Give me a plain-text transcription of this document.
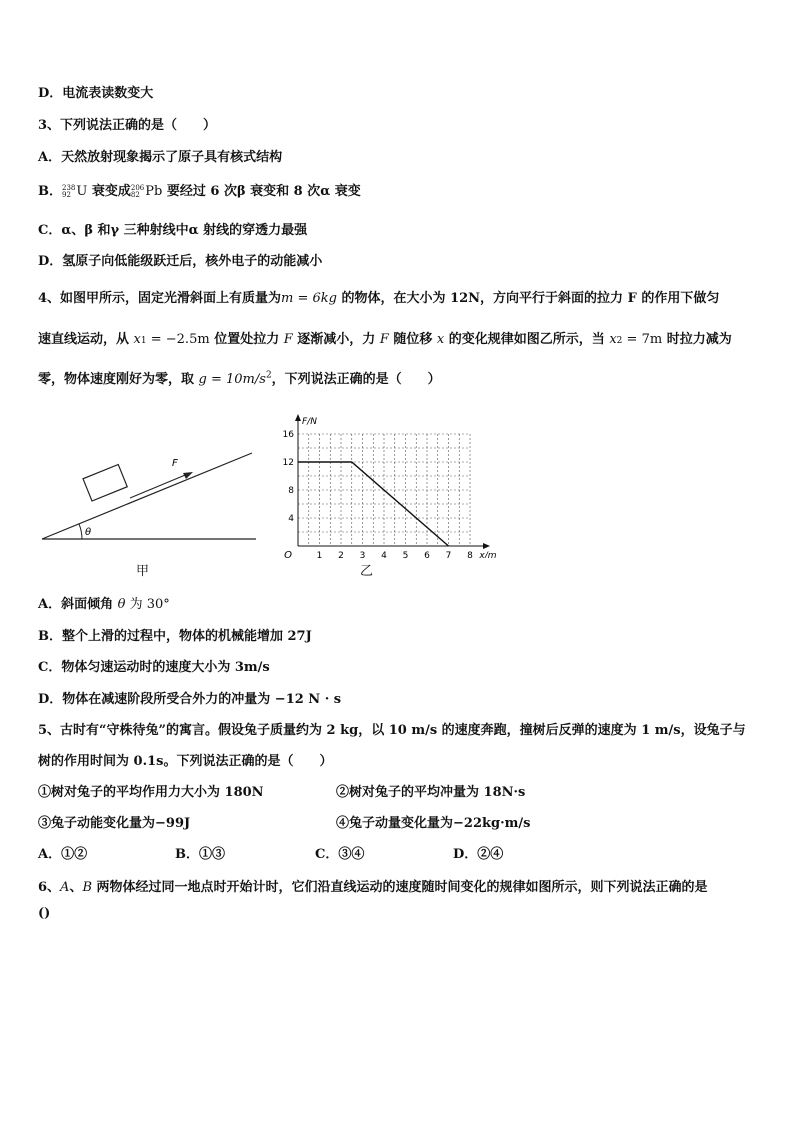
D．电流表读数变大
3、下列说法正确的是（　　）
A．天然放射现象揭示了原子具有核式结构
B． 238
92 U 衰变成 206
82 Pb 要经过 6 次β 衰变和 8 次α 衰变
C．α、β 和γ 三种射线中α 射线的穿透力最强
D．氢原子向低能级跃迁后，核外电子的动能减小
4、如图甲所示，固定光滑斜面上有质量为m = 6kg 的物体，在大小为 12N，方向平行于斜面的拉力 F 的作用下做匀
速直线运动，从 x1 = −2.5m 位置处拉力 F 逐渐减小，力 F 随位移 x 的变化规律如图乙所示，当 x2 = 7m 时拉力减为
零，物体速度刚好为零，取 $g = 10m/s^2$，下列说法正确的是（　　）
F
θ
甲
1 2 3 4 5 6 7 8
4
8
12
16
O	x/m
F/N
乙
A．斜面倾角 θ 为 30°
B．整个上滑的过程中，物体的机械能增加 27J
C．物体匀速运动时的速度大小为 3m/s
D．物体在减速阶段所受合外力的冲量为 −12 N · s
5、古时有“守株待兔”的寓言。假设兔子质量约为 2 kg，以 10 m/s 的速度奔跑，撞树后反弹的速度为 1 m/s，设兔子与
树的作用时间为 0.1s。下列说法正确的是（　　）
①树对兔子的平均作用力大小为 180N	②树对兔子的平均冲量为 18N·s
③兔子动能变化量为−99J	④兔子动量变化量为−22kg·m/s
A．①②	B．①③	C．③④	D．②④
6、A、B 两物体经过同一地点时开始计时，它们沿直线运动的速度随时间变化的规律如图所示，则下列说法正确的是
()
